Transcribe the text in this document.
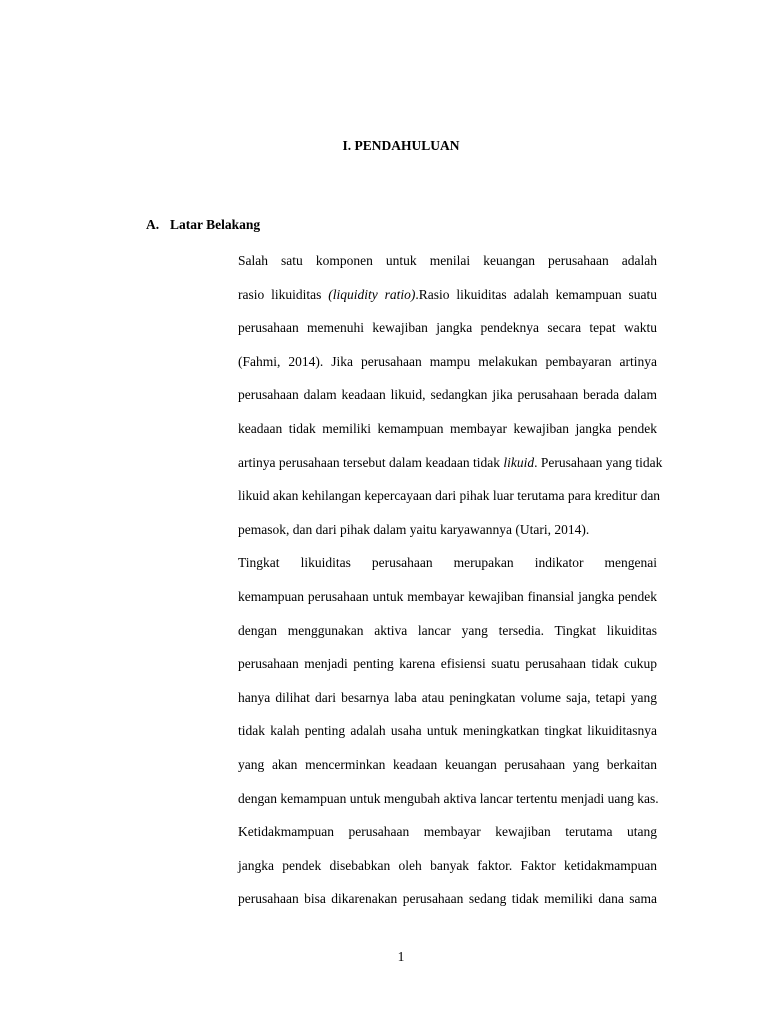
I. PENDAHULUAN
A. Latar Belakang

Salah satu komponen untuk menilai keuangan perusahaan adalah
rasio likuiditas (liquidity ratio).Rasio likuiditas adalah kemampuan suatu
perusahaan memenuhi kewajiban jangka pendeknya secara tepat waktu
(Fahmi, 2014). Jika perusahaan mampu melakukan pembayaran artinya
perusahaan dalam keadaan likuid, sedangkan jika perusahaan berada dalam
keadaan tidak memiliki kemampuan membayar kewajiban jangka pendek
artinya perusahaan tersebut dalam keadaan tidak likuid. Perusahaan yang tidak
likuid akan kehilangan kepercayaan dari pihak luar terutama para kreditur dan
pemasok, dan dari pihak dalam yaitu karyawannya (Utari, 2014).

Tingkat likuiditas perusahaan merupakan indikator mengenai
kemampuan perusahaan untuk membayar kewajiban finansial jangka pendek
dengan menggunakan aktiva lancar yang tersedia. Tingkat likuiditas
perusahaan menjadi penting karena efisiensi suatu perusahaan tidak cukup
hanya dilihat dari besarnya laba atau peningkatan volume saja, tetapi yang
tidak kalah penting adalah usaha untuk meningkatkan tingkat likuiditasnya
yang akan mencerminkan keadaan keuangan perusahaan yang berkaitan
dengan kemampuan untuk mengubah aktiva lancar tertentu menjadi uang kas.

Ketidakmampuan perusahaan membayar kewajiban terutama utang
jangka pendek disebabkan oleh banyak faktor. Faktor ketidakmampuan
perusahaan bisa dikarenakan perusahaan sedang tidak memiliki dana sama

1
